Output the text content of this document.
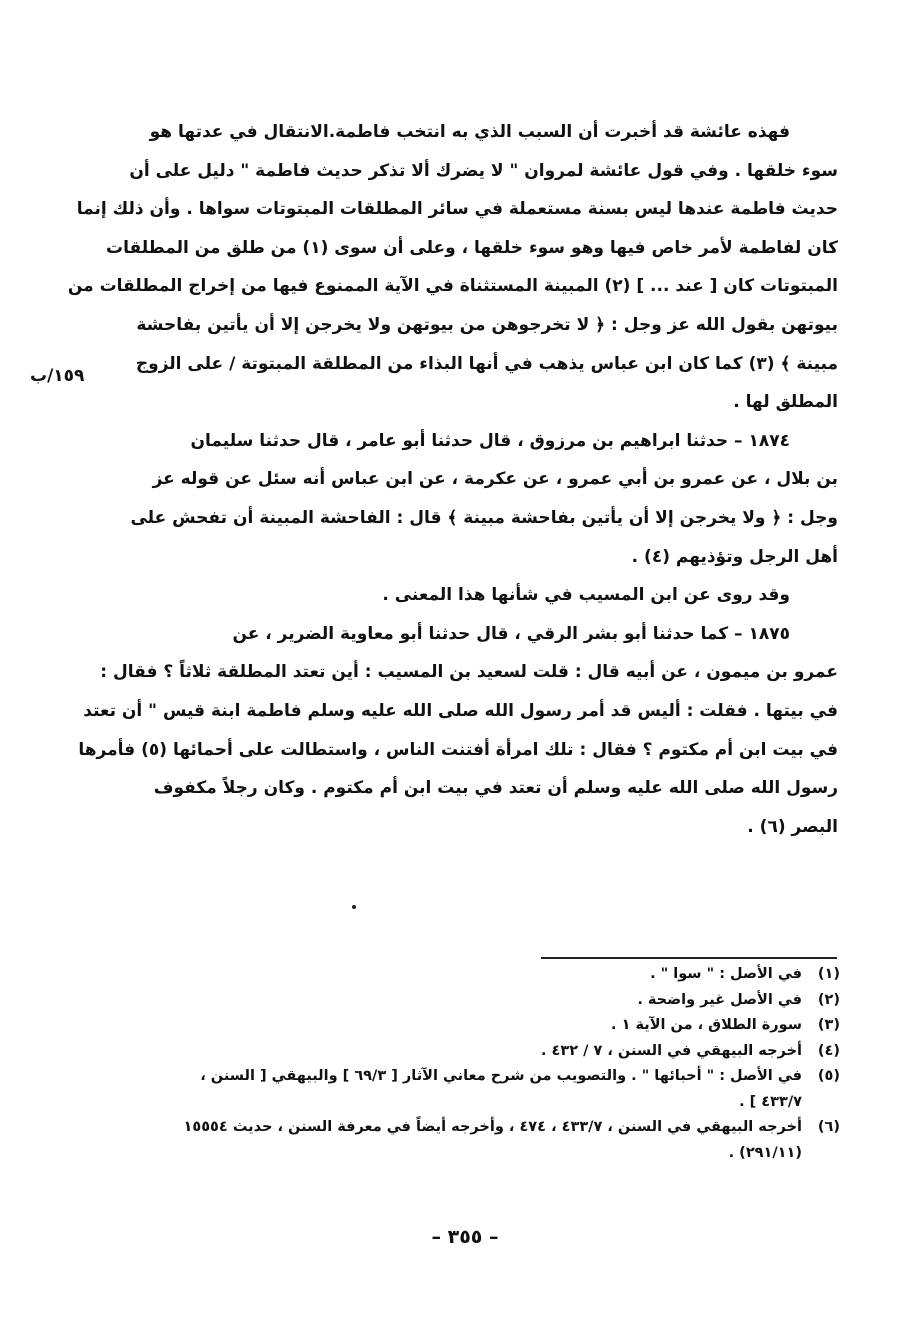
فهذه عائشة قد أخبرت أن السبب الذي به انتخب فاطمة.الانتقال في عدتها هو
سوء خلقها . وفي قول عائشة لمروان " لا يضرك ألا تذكر حديث فاطمة " دليل على أن
حديث فاطمة عندها ليس بسنة مستعملة في سائر المطلقات المبتوتات سواها . وأن ذلك إنما
كان لفاطمة لأمر خاص فيها وهو سوء خلقها ، وعلى أن سوى (١) من طلق من المطلقات
المبتوتات كان [ عند ... ] (٢) المبينة المستثناة في الآية الممنوع فيها من إخراج المطلقات من
بيوتهن بقول الله عز وجل : ﴿ لا تخرجوهن من بيوتهن ولا يخرجن إلا أن يأتين بفاحشة
مبينة ﴾ (٣) كما كان ابن عباس يذهب في أنها البذاء من المطلقة المبتوتة / على الزوج
المطلق لها .
١٨٧٤ – حدثنا ابراهيم بن مرزوق ، قال حدثنا أبو عامر ، قال حدثنا سليمان
بن بلال ، عن عمرو بن أبي عمرو ، عن عكرمة ، عن ابن عباس أنه سئل عن قوله عز
وجل : ﴿ ولا يخرجن إلا أن يأتين بفاحشة مبينة ﴾ قال : الفاحشة المبينة أن تفحش على
أهل الرجل وتؤذيهم (٤) .
وقد روى عن ابن المسيب في شأنها هذا المعنى .
١٨٧٥ – كما حدثنا أبو بشر الرقي ، قال حدثنا أبو معاوية الضرير ، عن
عمرو بن ميمون ، عن أبيه قال : قلت لسعيد بن المسيب : أين تعتد المطلقة ثلاثاً ؟ فقال :
في بيتها . فقلت : أليس قد أمر رسول الله صلى الله عليه وسلم فاطمة ابنة قيس " أن تعتد
في بيت ابن أم مكتوم ؟ فقال : تلك امرأة أفتنت الناس ، واستطالت على أحمائها (٥) فأمرها
رسول الله صلى الله عليه وسلم أن تعتد في بيت ابن أم مكتوم . وكان رجلاً مكفوف
البصر (٦) .
١٥٩/ب
(١)
في الأصل : " سوا " .
(٢)
في الأصل غير واضحة .
(٣)
سورة الطلاق ، من الآية ١ .
(٤)
أخرجه البيهقي في السنن ، ٧ / ٤٣٢ .
(٥)
في الأصل : " أحبائها " . والتصويب من شرح معاني الآثار [ ٦٩/٣ ] والبيهقي [ السنن ،
٤٣٣/٧ ] .
(٦)
أخرجه البيهقي في السنن ، ٤٣٣/٧ ، ٤٧٤ ، وأخرجه أيضاً في معرفة السنن ، حديث ١٥٥٥٤
(٢٩١/١١) .
– ٣٥٥ –
